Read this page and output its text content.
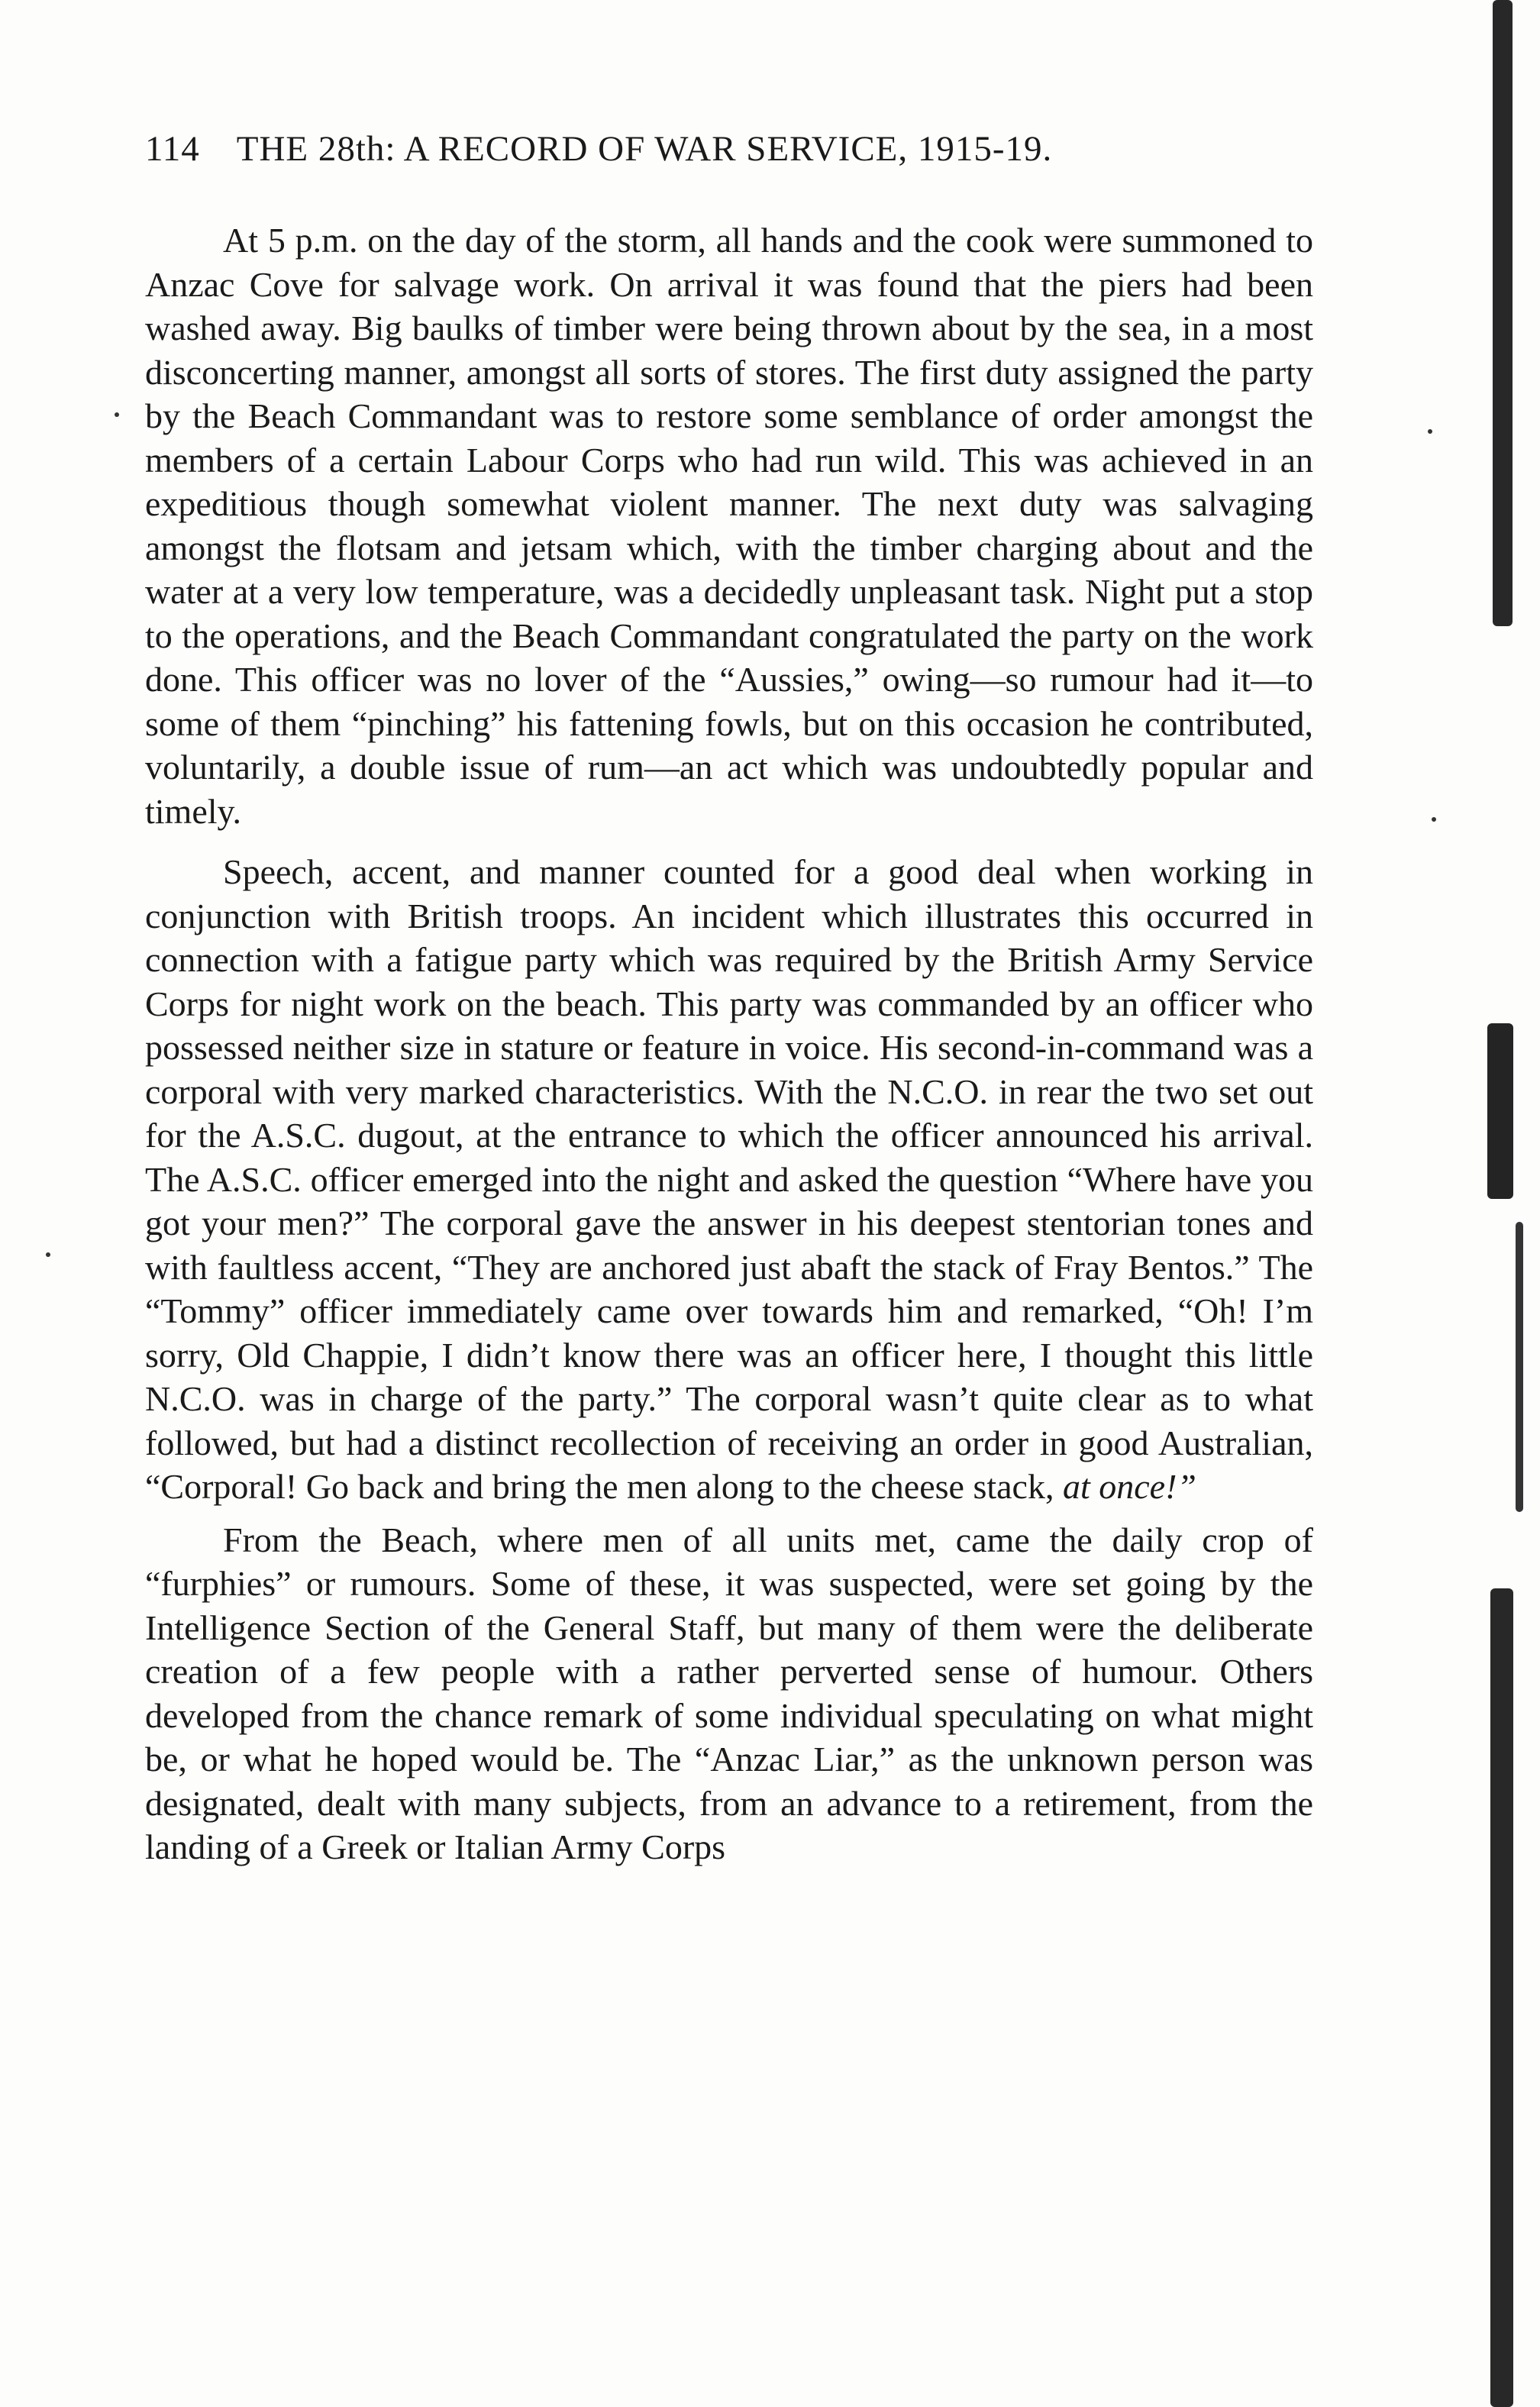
114 THE 28th: A RECORD OF WAR SERVICE, 1915-19.

At 5 p.m. on the day of the storm, all hands and the cook were summoned to Anzac Cove for salvage work. On arrival it was found that the piers had been washed away. Big baulks of timber were being thrown about by the sea, in a most disconcerting manner, amongst all sorts of stores. The first duty assigned the party by the Beach Commandant was to restore some semblance of order amongst the members of a certain Labour Corps who had run wild. This was achieved in an expeditious though somewhat violent manner. The next duty was salvaging amongst the flotsam and jetsam which, with the timber charging about and the water at a very low temperature, was a decidedly unpleasant task. Night put a stop to the operations, and the Beach Commandant congratulated the party on the work done. This officer was no lover of the “Aussies,” owing—so rumour had it—to some of them “pinching” his fattening fowls, but on this occasion he contributed, voluntarily, a double issue of rum—an act which was undoubtedly popular and timely.

Speech, accent, and manner counted for a good deal when working in conjunction with British troops. An incident which illustrates this occurred in connection with a fatigue party which was required by the British Army Service Corps for night work on the beach. This party was commanded by an officer who possessed neither size in stature or feature in voice. His second-in-command was a corporal with very marked characteristics. With the N.C.O. in rear the two set out for the A.S.C. dugout, at the entrance to which the officer announced his arrival. The A.S.C. officer emerged into the night and asked the question “Where have you got your men?” The corporal gave the answer in his deepest stentorian tones and with faultless accent, “They are anchored just abaft the stack of Fray Bentos.” The “Tommy” officer immediately came over towards him and remarked, “Oh! I’m sorry, Old Chappie, I didn’t know there was an officer here, I thought this little N.C.O. was in charge of the party.” The corporal wasn’t quite clear as to what followed, but had a distinct recollection of receiving an order in good Australian, “Corporal! Go back and bring the men along to the cheese stack, at once!”

From the Beach, where men of all units met, came the daily crop of “furphies” or rumours. Some of these, it was suspected, were set going by the Intelligence Section of the General Staff, but many of them were the deliberate creation of a few people with a rather perverted sense of humour. Others developed from the chance remark of some individual speculating on what might be, or what he hoped would be. The “Anzac Liar,” as the unknown person was designated, dealt with many subjects, from an advance to a retirement, from the landing of a Greek or Italian Army Corps
